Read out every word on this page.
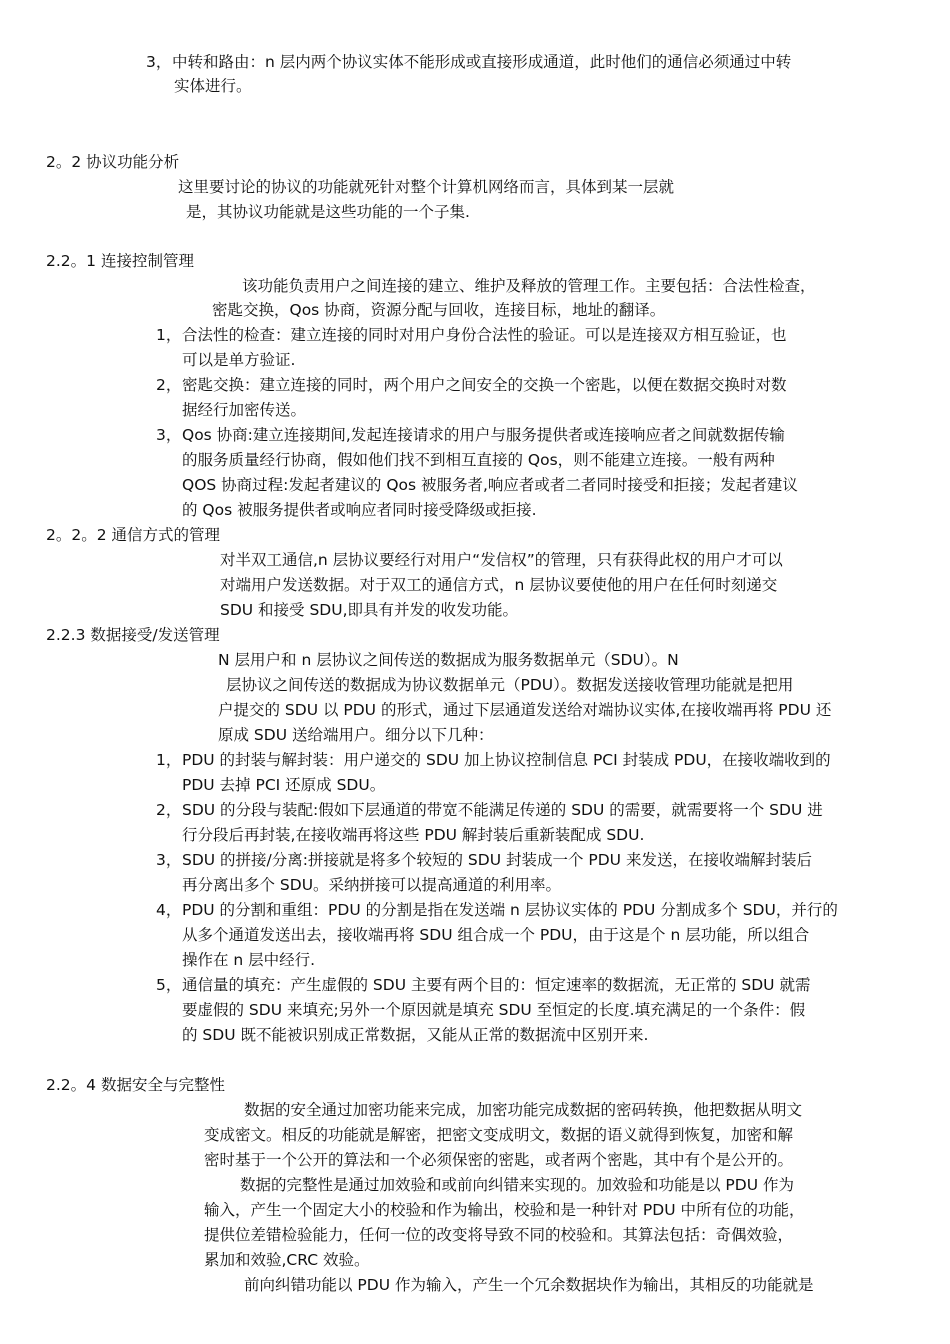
3，中转和路由：n 层内两个协议实体不能形成或直接形成通道，此时他们的通信必须通过中转
实体进行。
2。2 协议功能分析
这里要讨论的协议的功能就死针对整个计算机网络而言，具体到某一层就
是，其协议功能就是这些功能的一个子集.
2.2。1 连接控制管理
该功能负责用户之间连接的建立、维护及释放的管理工作。主要包括：合法性检查，
密匙交换，Qos 协商，资源分配与回收，连接目标，地址的翻译。
1，合法性的检查：建立连接的同时对用户身份合法性的验证。可以是连接双方相互验证，也
可以是单方验证.
2，密匙交换：建立连接的同时，两个用户之间安全的交换一个密匙，以便在数据交换时对数
据经行加密传送。
3，Qos 协商:建立连接期间,发起连接请求的用户与服务提供者或连接响应者之间就数据传输
的服务质量经行协商，假如他们找不到相互直接的 Qos，则不能建立连接。一般有两种
QOS 协商过程:发起者建议的 Qos 被服务者,响应者或者二者同时接受和拒接；发起者建议
的 Qos 被服务提供者或响应者同时接受降级或拒接.
2。2。2 通信方式的管理
对半双工通信,n 层协议要经行对用户“发信权”的管理，只有获得此权的用户才可以
对端用户发送数据。对于双工的通信方式，n 层协议要使他的用户在任何时刻递交
SDU 和接受 SDU,即具有并发的收发功能。
2.2.3 数据接受/发送管理
N 层用户和 n 层协议之间传送的数据成为服务数据单元（SDU）。N
层协议之间传送的数据成为协议数据单元（PDU）。数据发送接收管理功能就是把用
户提交的 SDU 以 PDU 的形式，通过下层通道发送给对端协议实体,在接收端再将 PDU 还
原成 SDU 送给端用户。细分以下几种：
1，PDU 的封装与解封装：用户递交的 SDU 加上协议控制信息 PCI 封装成 PDU，在接收端收到的
PDU 去掉 PCI 还原成 SDU。
2，SDU 的分段与装配:假如下层通道的带宽不能满足传递的 SDU 的需要，就需要将一个 SDU 进
行分段后再封装,在接收端再将这些 PDU 解封装后重新装配成 SDU.
3，SDU 的拼接/分离:拼接就是将多个较短的 SDU 封装成一个 PDU 来发送，在接收端解封装后
再分离出多个 SDU。采纳拼接可以提高通道的利用率。
4，PDU 的分割和重组：PDU 的分割是指在发送端 n 层协议实体的 PDU 分割成多个 SDU，并行的
从多个通道发送出去，接收端再将 SDU 组合成一个 PDU，由于这是个 n 层功能，所以组合
操作在 n 层中经行.
5，通信量的填充：产生虚假的 SDU 主要有两个目的：恒定速率的数据流，无正常的 SDU 就需
要虚假的 SDU 来填充;另外一个原因就是填充 SDU 至恒定的长度.填充满足的一个条件：假
的 SDU 既不能被识别成正常数据，又能从正常的数据流中区别开来.
2.2。4 数据安全与完整性
数据的安全通过加密功能来完成，加密功能完成数据的密码转换，他把数据从明文
变成密文。相反的功能就是解密，把密文变成明文，数据的语义就得到恢复，加密和解
密时基于一个公开的算法和一个必须保密的密匙，或者两个密匙，其中有个是公开的。
数据的完整性是通过加效验和或前向纠错来实现的。加效验和功能是以 PDU 作为
输入，产生一个固定大小的校验和作为输出，校验和是一种针对 PDU 中所有位的功能，
提供位差错检验能力，任何一位的改变将导致不同的校验和。其算法包括：奇偶效验，
累加和效验,CRC 效验。
前向纠错功能以 PDU 作为输入，产生一个冗余数据块作为输出，其相反的功能就是
